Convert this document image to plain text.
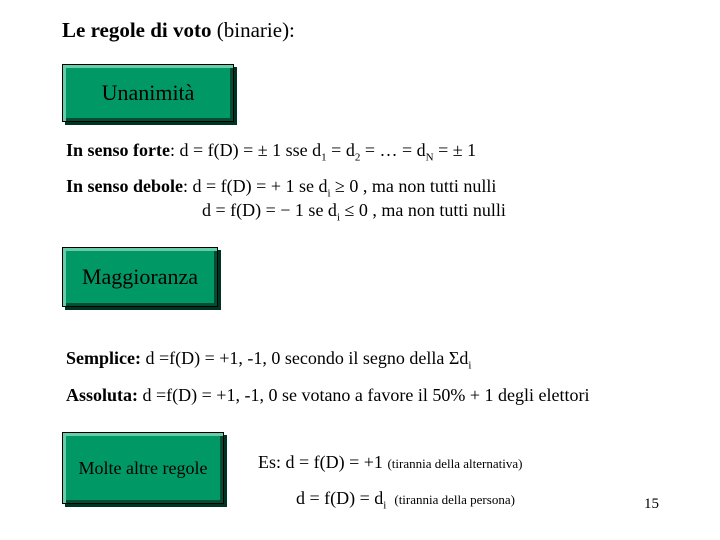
Le regole di voto (binarie):
Unanimità
In senso forte: d = f(D) = ± 1 sse $d_1 = d_2$ = … = $d_N$ = ± 1
In senso debole: d = f(D) = + 1 se $d_i \ge 0$ , ma non tutti nulli
d = f(D) = − 1 se $d_i \le 0$ , ma non tutti nulli
Maggioranza
Semplice: d =f(D) = +1, -1, 0 secondo il segno della $\Sigma d_i$
Assoluta: d =f(D) = +1, -1, 0 se votano a favore il 50% + 1 degli elettori
Molte altre regole	Es: d = f(D) = +1 (tirannia della alternativa)
$d = f(D) = d_i$ (tirannia della persona)	15
